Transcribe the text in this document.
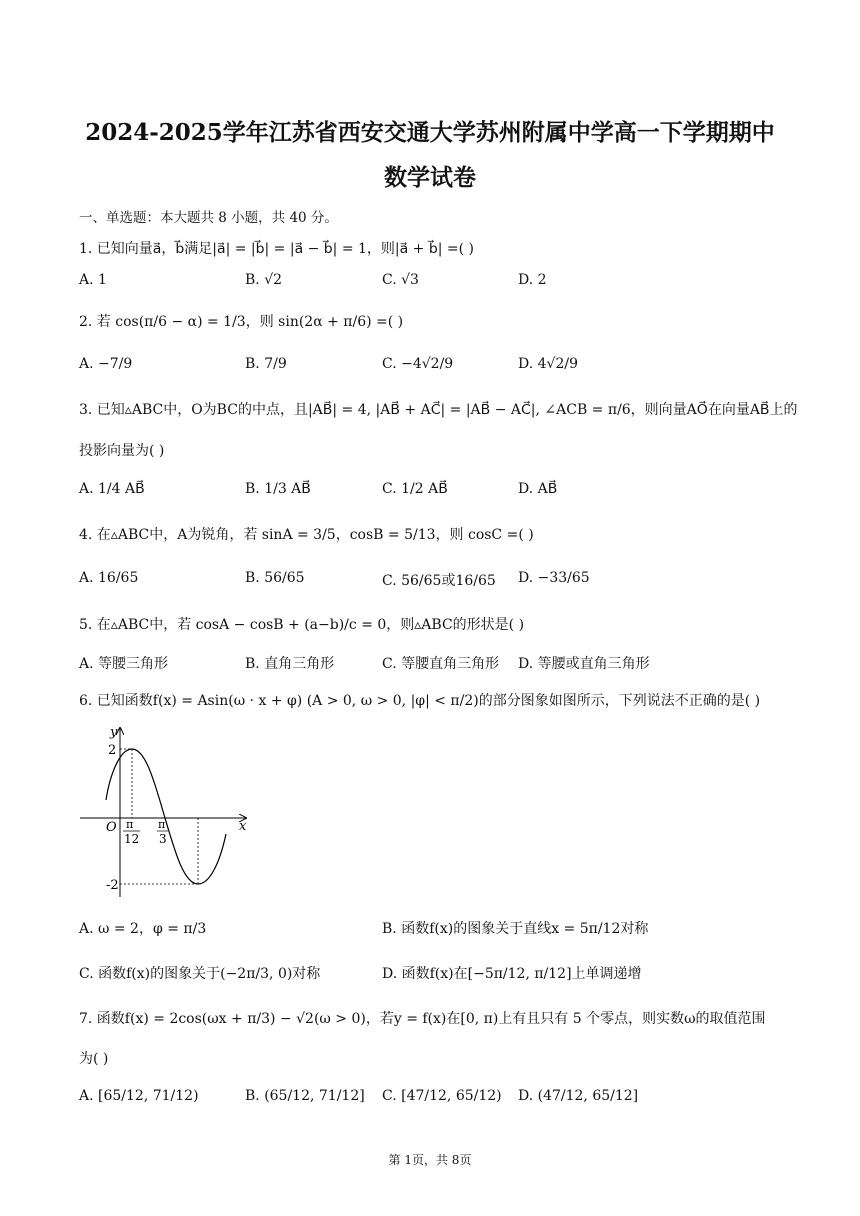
2024-2025学年江苏省西安交通大学苏州附属中学高一下学期期中
数学试卷
一、单选题：本大题共 8 小题，共 40 分。
1. 已知向量a⃗，b⃗满足|a⃗| = |b⃗| = |a⃗ − b⃗| = 1，则|a⃗ + b⃗| =( )
A. 1	B. √2	C. √3	D. 2
2. 若 cos(π/6 − α) = 1/3，则 sin(2α + π/6) =( )
A. −7/9	B. 7/9	C. −4√2/9	D. 4√2/9
3. 已知▵ABC中，O为BC的中点，且|AB⃗| = 4, |AB⃗ + AC⃗| = |AB⃗ − AC⃗|, ∠ACB = π/6，则向量AO⃗在向量AB⃗上的
投影向量为( )
A. 1/4 AB⃗	B. 1/3 AB⃗	C. 1/2 AB⃗	D. AB⃗
4. 在▵ABC中，A为锐角，若 sinA = 3/5，cosB = 5/13，则 cosC =( )
A. 16/65	B. 56/65	C. 56/65或16/65 D. −33/65
5. 在▵ABC中，若 cosA − cosB + (a−b)/c = 0，则▵ABC的形状是( )
A. 等腰三角形	B. 直角三角形	C. 等腰直角三角形 D. 等腰或直角三角形
6. 已知函数f(x) = Asin(ω · x + φ) (A > 0, ω > 0, |φ| < π/2)的部分图象如图所示，下列说法不正确的是( )
y
x
O
2
-2
π
12
π
3
A. ω = 2，φ = π/3	B. 函数f(x)的图象关于直线x = 5π/12对称
C. 函数f(x)的图象关于(−2π/3, 0)对称	D. 函数f(x)在[−5π/12, π/12]上单调递增
7. 函数f(x) = 2cos(ωx + π/3) − √2(ω > 0)，若y = f(x)在[0, π)上有且只有 5 个零点，则实数ω的取值范围
为( )
A. [65/12, 71/12)	B. (65/12, 71/12] C. [47/12, 65/12) D. (47/12, 65/12]
第 1页，共 8页
